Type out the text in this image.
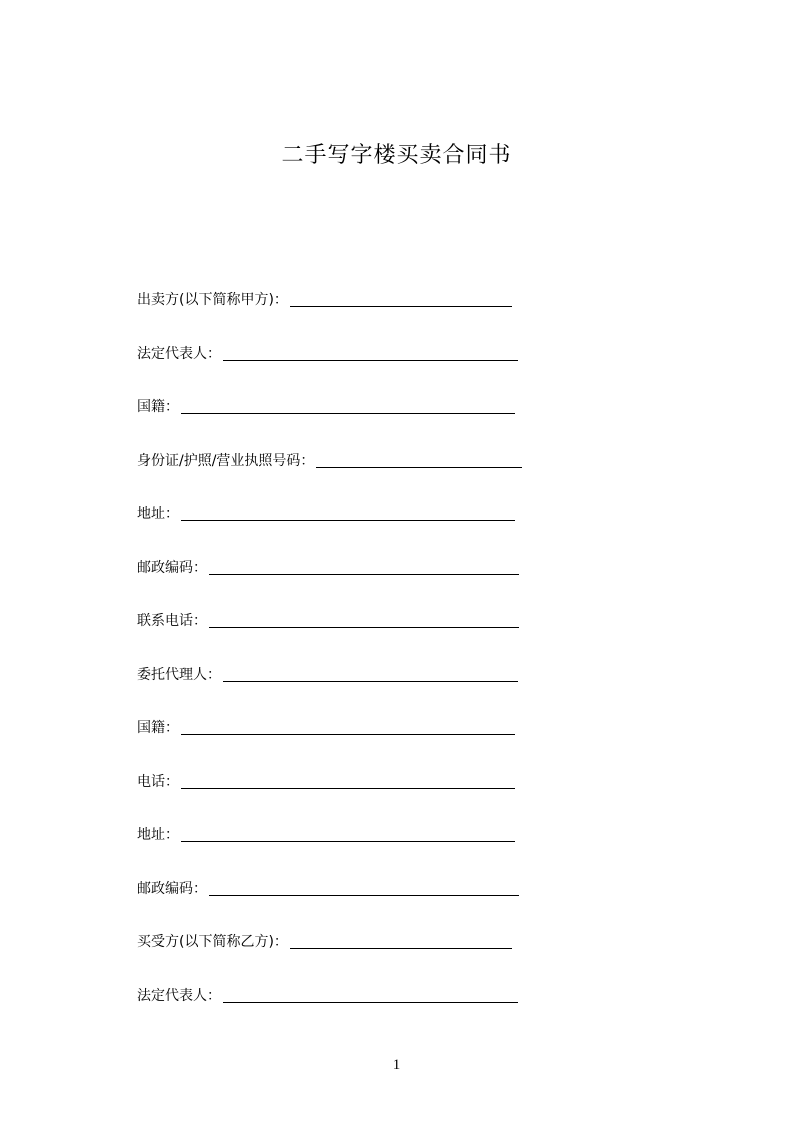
二手写字楼买卖合同书
出卖方(以下简称甲方)：
法定代表人：
国籍：
身份证/护照/营业执照号码：
地址：
邮政编码：
联系电话：
委托代理人：
国籍：
电话：
地址：
邮政编码：
买受方(以下简称乙方)：
法定代表人：
1
